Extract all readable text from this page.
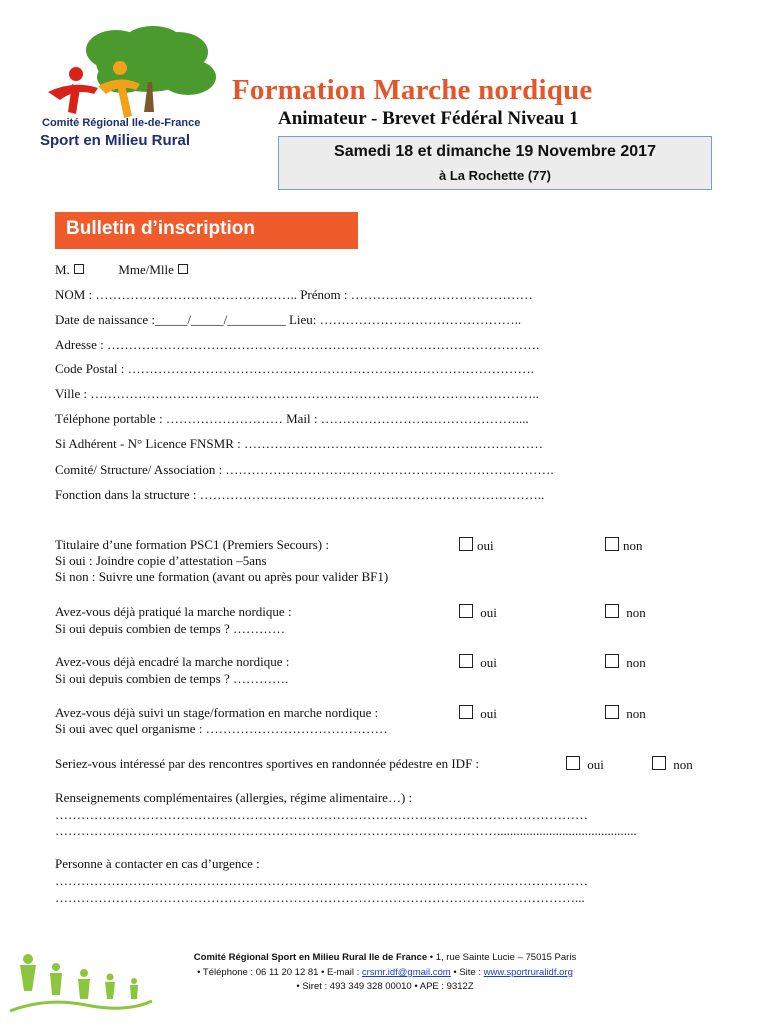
Comité Régional Ile-de-France
Sport en Milieu Rural
Formation Marche nordique
Animateur - Brevet Fédéral Niveau 1
Samedi 18 et dimanche 19 Novembre 2017
à La Rochette (77)
Bulletin d’inscription
M.	Mme/Mlle
NOM : ……………………………………….. Prénom : ……………………………………
Date de naissance :_____/_____/_________ Lieu: ………………………………………..
Adresse : ……………………………………………………………………………………….
Code Postal : ………………………………………………………………………………….
Ville : …………………………………………………………………………………………..
Téléphone portable : ……………………… Mail : ………………………………………....
Si Adhérent - N° Licence FNSMR : ……………………………………………………………
Comité/ Structure/ Association : ………………………………………………………………….
Fonction dans la structure : ……………………………………………………………………..
Titulaire d’une formation PSC1 (Premiers Secours) :
Si oui : Joindre copie d’attestation –5ans
Si non : Suivre une formation (avant ou après pour valider BF1)
oui	non
Avez-vous déjà pratiqué la marche nordique :
Si oui depuis combien de temps ? …………
oui	non
Avez-vous déjà encadré la marche nordique :
Si oui depuis combien de temps ? ………….
oui	non
Avez-vous déjà suivi un stage/formation en marche nordique :
Si oui avec quel organisme : ……………………………………
oui	non
Seriez-vous intéressé par des rencontres sportives en randonnée pédestre en IDF :	oui	non
Renseignements complémentaires (allergies, régime alimentaire…) :
……………………………………………………………………………………………………………
…………………………………………………………………………………………...........................................
Personne à contacter en cas d’urgence :
……………………………………………………………………………………………………………
…………………………………………………………………………………………………………...
Comité Régional Sport en Milieu Rural Ile de France • 1, rue Sainte Lucie – 75015 Paris
• Téléphone : 06 11 20 12 81 • E-mail : crsmr.idf@gmail.com • Site : www.sportruralidf.org
• Siret : 493 349 328 00010 • APE : 9312Z
